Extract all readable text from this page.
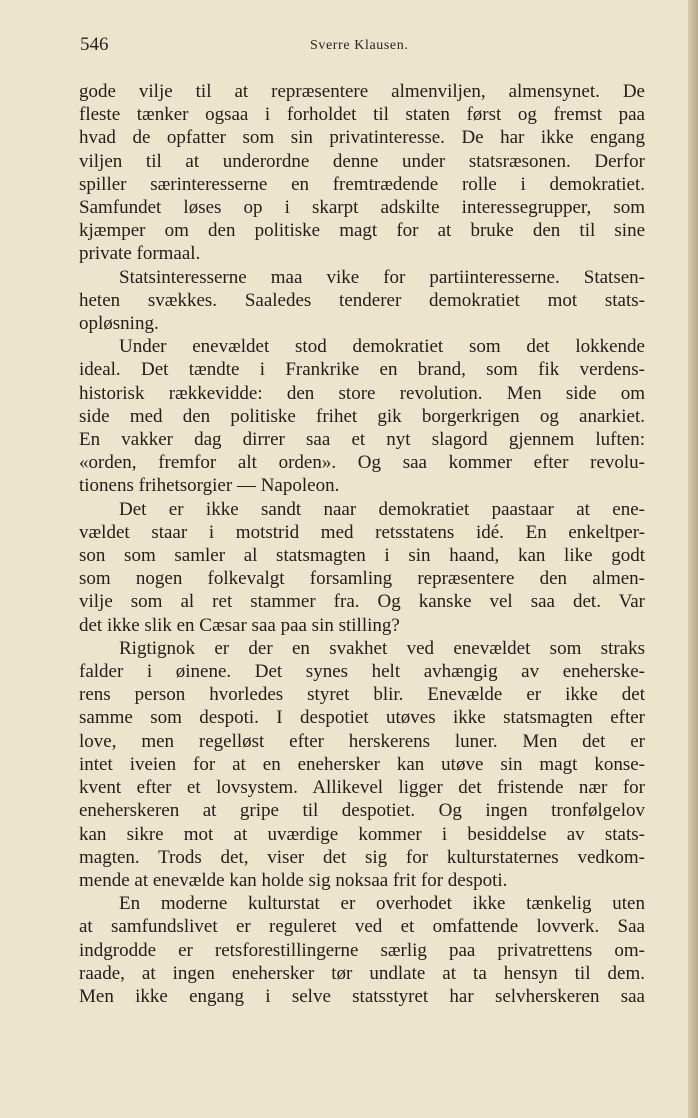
546	Sverre Klausen.
gode vilje til at repræsentere almenviljen, almensynet. De
fleste tænker ogsaa i forholdet til staten først og fremst paa
hvad de opfatter som sin privatinteresse. De har ikke engang
viljen til at underordne denne under statsræsonen. Derfor
spiller særinteresserne en fremtrædende rolle i demokratiet.
Samfundet løses op i skarpt adskilte interessegrupper, som
kjæmper om den politiske magt for at bruke den til sine
private formaal.
Statsinteresserne maa vike for partiinteresserne. Statsen-
heten svækkes. Saaledes tenderer demokratiet mot stats-
opløsning.
Under enevældet stod demokratiet som det lokkende
ideal. Det tændte i Frankrike en brand, som fik verdens-
historisk rækkevidde: den store revolution. Men side om
side med den politiske frihet gik borgerkrigen og anarkiet.
En vakker dag dirrer saa et nyt slagord gjennem luften:
«orden, fremfor alt orden». Og saa kommer efter revolu-
tionens frihetsorgier — Napoleon.
Det er ikke sandt naar demokratiet paastaar at ene-
vældet staar i motstrid med retsstatens idé. En enkeltper-
son som samler al statsmagten i sin haand, kan like godt
som nogen folkevalgt forsamling repræsentere den almen-
vilje som al ret stammer fra. Og kanske vel saa det. Var
det ikke slik en Cæsar saa paa sin stilling?
Rigtignok er der en svakhet ved enevældet som straks
falder i øinene. Det synes helt avhængig av eneherske-
rens person hvorledes styret blir. Enevælde er ikke det
samme som despoti. I despotiet utøves ikke statsmagten efter
love, men regelløst efter herskerens luner. Men det er
intet iveien for at en enehersker kan utøve sin magt konse-
kvent efter et lovsystem. Allikevel ligger det fristende nær for
eneherskeren at gripe til despotiet. Og ingen tronfølgelov
kan sikre mot at uværdige kommer i besiddelse av stats-
magten. Trods det, viser det sig for kulturstaternes vedkom-
mende at enevælde kan holde sig noksaa frit for despoti.
En moderne kulturstat er overhodet ikke tænkelig uten
at samfundslivet er reguleret ved et omfattende lovverk. Saa
indgrodde er retsforestillingerne særlig paa privatrettens om-
raade, at ingen enehersker tør undlate at ta hensyn til dem.
Men ikke engang i selve statsstyret har selvherskeren saa
